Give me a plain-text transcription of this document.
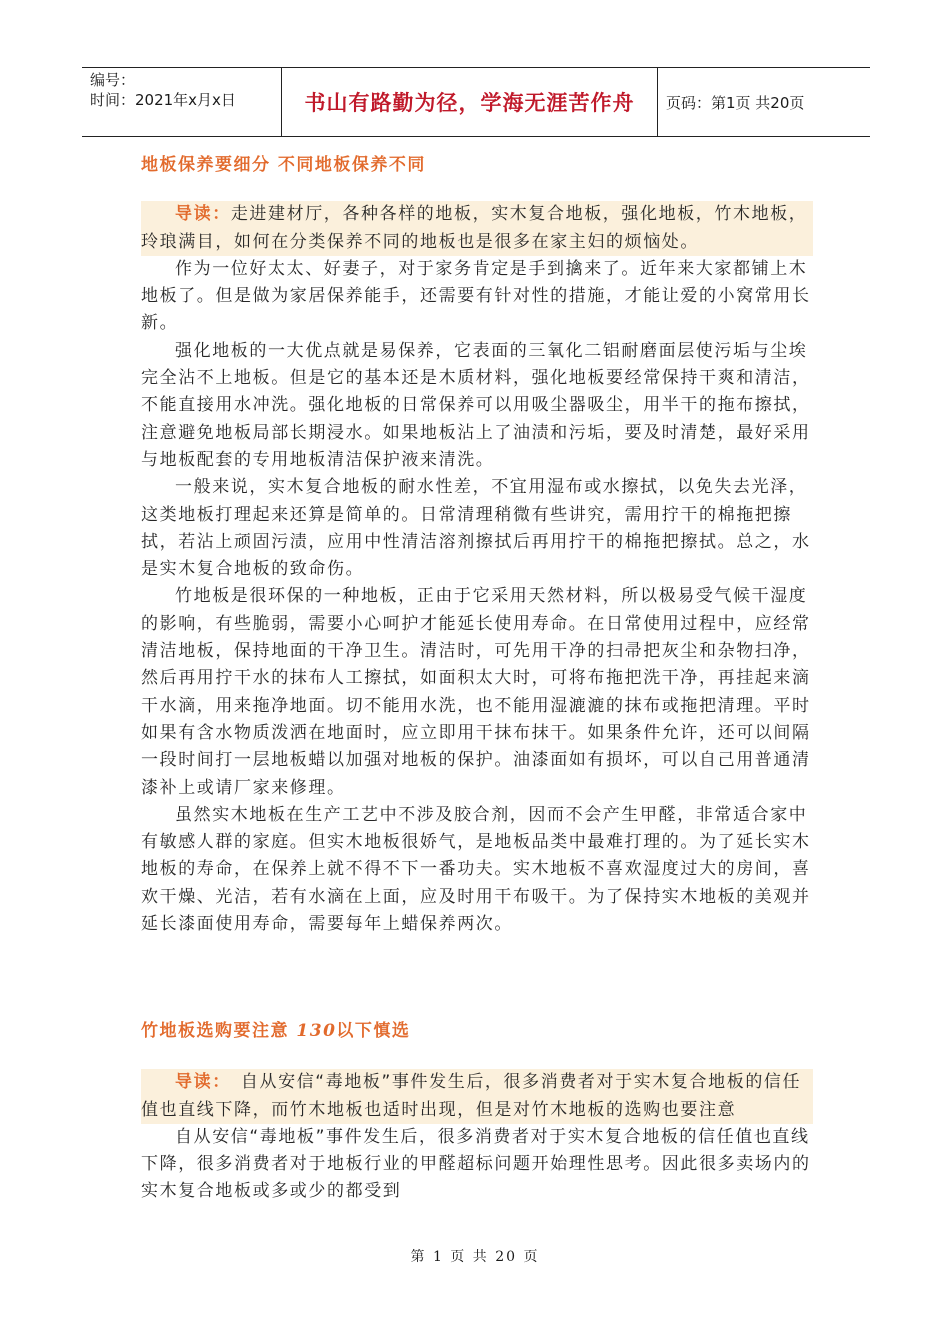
编号：
时间：2021年x月x日	书山有路勤为径，学海无涯苦作舟	页码：第1页 共20页
地板保养要细分 不同地板保养不同

导读：走进建材厅，各种各样的地板，实木复合地板，强化地板，竹木地板，玲琅满目，如何在分类保养不同的地板也是很多在家主妇的烦恼处。

作为一位好太太、好妻子，对于家务肯定是手到擒来了。近年来大家都铺上木地板了。但是做为家居保养能手，还需要有针对性的措施，才能让爱的小窝常用长新。

强化地板的一大优点就是易保养，它表面的三氧化二铝耐磨面层使污垢与尘埃完全沾不上地板。但是它的基本还是木质材料，强化地板要经常保持干爽和清洁，不能直接用水冲洗。强化地板的日常保养可以用吸尘器吸尘，用半干的拖布擦拭，注意避免地板局部长期浸水。如果地板沾上了油渍和污垢，要及时清楚，最好采用与地板配套的专用地板清洁保护液来清洗。

一般来说，实木复合地板的耐水性差，不宜用湿布或水擦拭，以免失去光泽，这类地板打理起来还算是简单的。日常清理稍微有些讲究，需用拧干的棉拖把擦拭，若沾上顽固污渍，应用中性清洁溶剂擦拭后再用拧干的棉拖把擦拭。总之，水是实木复合地板的致命伤。

竹地板是很环保的一种地板，正由于它采用天然材料，所以极易受气候干湿度的影响，有些脆弱，需要小心呵护才能延长使用寿命。在日常使用过程中，应经常清洁地板，保持地面的干净卫生。清洁时，可先用干净的扫帚把灰尘和杂物扫净，然后再用拧干水的抹布人工擦拭，如面积太大时，可将布拖把洗干净，再挂起来滴干水滴，用来拖净地面。切不能用水洗，也不能用湿漉漉的抹布或拖把清理。平时如果有含水物质泼洒在地面时，应立即用干抹布抹干。如果条件允许，还可以间隔一段时间打一层地板蜡以加强对地板的保护。油漆面如有损坏，可以自己用普通清漆补上或请厂家来修理。

虽然实木地板在生产工艺中不涉及胶合剂，因而不会产生甲醛，非常适合家中有敏感人群的家庭。但实木地板很娇气，是地板品类中最难打理的。为了延长实木地板的寿命，在保养上就不得不下一番功夫。实木地板不喜欢湿度过大的房间，喜欢干燥、光洁，若有水滴在上面，应及时用干布吸干。为了保持实木地板的美观并延长漆面使用寿命，需要每年上蜡保养两次。

竹地板选购要注意 130以下慎选

导读：　自从安信“毒地板”事件发生后，很多消费者对于实木复合地板的信任值也直线下降，而竹木地板也适时出现，但是对竹木地板的选购也要注意

自从安信“毒地板”事件发生后，很多消费者对于实木复合地板的信任值也直线下降，很多消费者对于地板行业的甲醛超标问题开始理性思考。因此很多卖场内的实木复合地板或多或少的都受到

第 1 页 共 20 页
